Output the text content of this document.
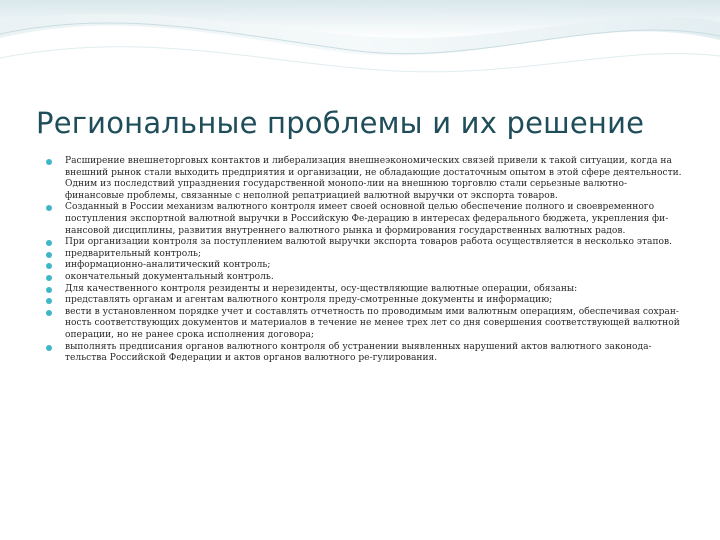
Региональные проблемы и их решение
Расширение внешнеторговых контактов и либерализация внешнеэкономических связей привели к такой ситуации, когда на внешний рынок стали выходить предприятия и организации, не обладающие достаточным опытом в этой сфере деятельности. Одним из последствий упразднения государственной монопо-лии на внешнюю торговлю стали серьезные валютно-финансовые проблемы, связанные с неполной репатриацией валютной выручки от экспорта товаров.
Созданный в России механизм валютного контроля имеет своей основной целью обеспечение полного и своевременного поступления экспортной валютной выручки в Российскую Фе-дерацию в интересах федерального бюджета, укрепления фи-нансовой дисциплины, развития внутреннего валютного рынка и формирования государственных валютных радов.
При организации контроля за поступлением валютой выручки экспорта товаров работа осуществляется в несколько этапов.
предварительный контроль;
информационно-аналитический контроль;
окончательный документальный контроль.
Для качественного контроля резиденты и нерезиденты, осу-ществляющие валютные операции, обязаны:
представлять органам и агентам валютного контроля преду-смотренные документы и информацию;
вести в установленном порядке учет и составлять отчетность по проводимым ими валютным операциям, обеспечивая сохран-ность соответствующих документов и материалов в течение не менее трех лет со дня совершения соответствующей валютной операции, но не ранее срока исполнения договора;
выполнять предписания органов валютного контроля об устранении выявленных нарушений актов валютного законода-тельства Российской Федерации и актов органов валютного ре-гулирования.
